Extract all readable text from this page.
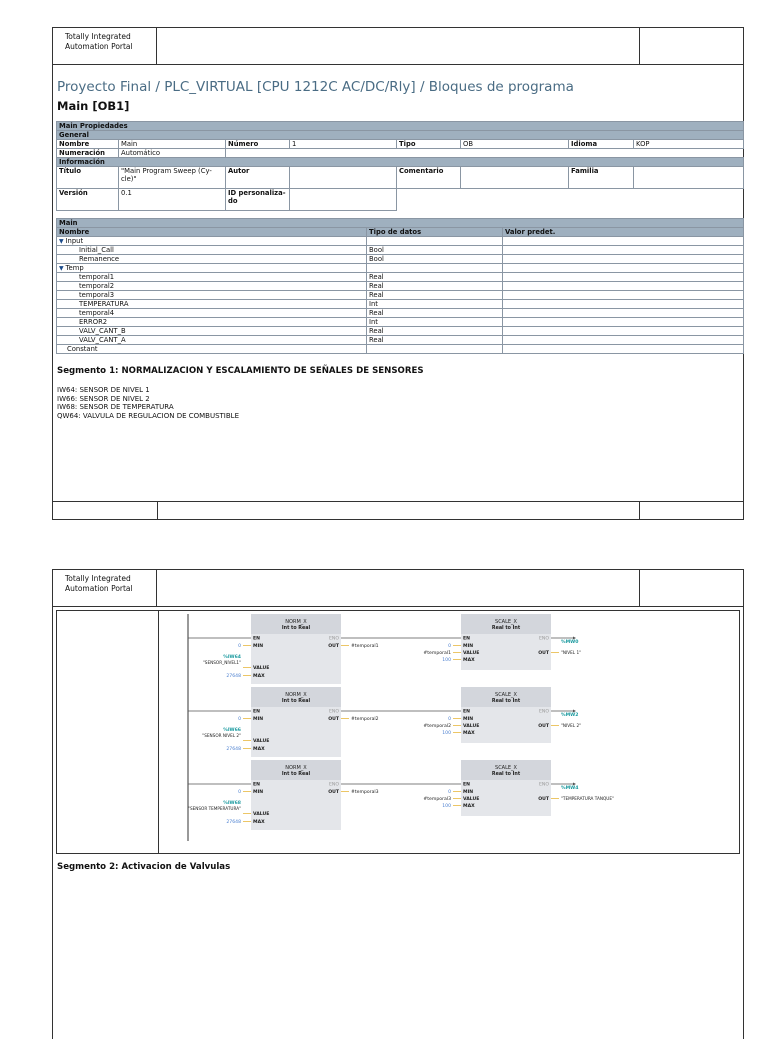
Totally Integrated
Automation Portal
Proyecto Final / PLC_VIRTUAL [CPU 1212C AC/DC/Rly] / Bloques de programa
Main [OB1]
Main Propiedades							
General							
Nombre	Main	Número	1	Tipo	OB	Idioma	KOP
Numeración	Automático						
Información							
Título	"Main Program Sweep (Cy- cle)"	Autor		Comentario		Familia	
Versión	0.1	ID personaliza- do					
Main		
Nombre	Tipo de datos	Valor predet.
▼ Input		
Initial_Call	Bool	
Remanence	Bool	
▼ Temp		
temporal1	Real	
temporal2	Real	
temporal3	Real	
TEMPERATURA	Int	
temporal4	Real	
ERROR2	Int	
VALV_CANT_B	Real	
VALV_CANT_A	Real	
Constant		
Segmento 1: NORMALIZACION Y ESCALAMIENTO DE SEÑALES DE SENSORES
IW64: SENSOR DE NIVEL 1
IW66: SENSOR DE NIVEL 2
IW68: SENSOR DE TEMPERATURA
QW64: VALVULA DE REGULACION DE COMBUSTIBLE
Totally Integrated
Automation Portal
NORM_X
Int to Real
EN	ENO
MIN
VALUE
MAX
OUT
0
%IW64
"SENSOR_NIVEL1"
27648
#temporal1
SCALE_X
Real to Int
EN	ENO
MIN
VALUE
MAX
OUT
0
#temporal1
100
%MW0
"NIVEL 1"
NORM_X
Int to Real
EN	ENO
MIN
VALUE
MAX
OUT
0
%IW66
"SENSOR NIVEL 2"
27648
#temporal2
SCALE_X
Real to Int
EN	ENO
MIN
VALUE
MAX
OUT
0
#temporal2
100
%MW2
"NIVEL 2"
NORM_X
Int to Real
EN	ENO
MIN
VALUE
MAX
OUT
0
%IW68
"SENSOR TEMPERATURA"
27648
#temporal3
SCALE_X
Real to Int
EN	ENO
MIN
VALUE
MAX
OUT
0
#temporal3
100
%MW4
"TEMPERATURA TANQUE"
Segmento 2: Activacion de Valvulas
